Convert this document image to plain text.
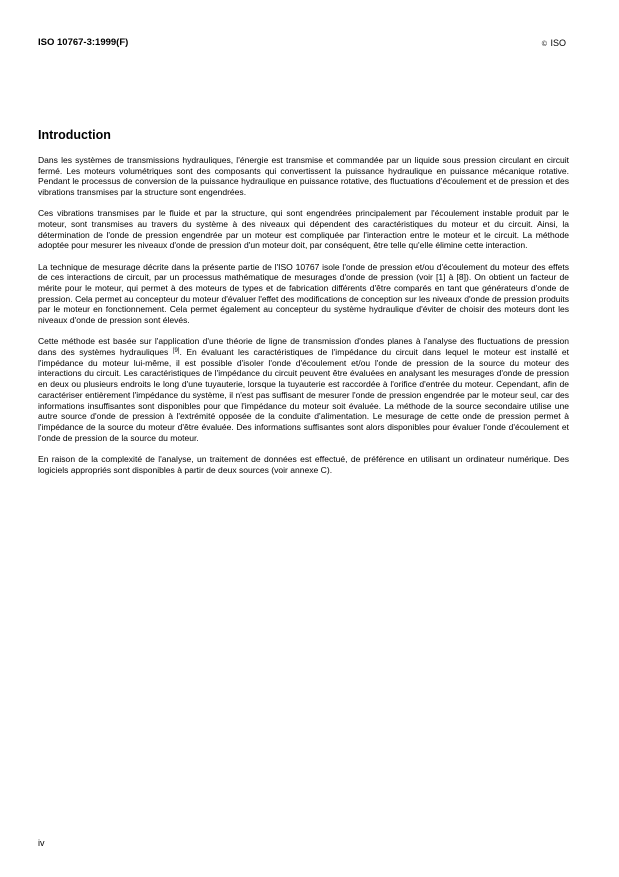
ISO 10767-3:1999(F)	© ISO
Introduction

Dans les systèmes de transmissions hydrauliques, l'énergie est transmise et commandée par un liquide sous pression circulant en circuit fermé. Les moteurs volumétriques sont des composants qui convertissent la puissance hydraulique en puissance mécanique rotative. Pendant le processus de conversion de la puissance hydraulique en puissance rotative, des fluctuations d'écoulement et de pression et des vibrations transmises par la structure sont engendrées.

Ces vibrations transmises par le fluide et par la structure, qui sont engendrées principalement par l'écoulement instable produit par le moteur, sont transmises au travers du système à des niveaux qui dépendent des caractéristiques du moteur et du circuit. Ainsi, la détermination de l'onde de pression engendrée par un moteur est compliquée par l'interaction entre le moteur et le circuit. La méthode adoptée pour mesurer les niveaux d'onde de pression d'un moteur doit, par conséquent, être telle qu'elle élimine cette interaction.

La technique de mesurage décrite dans la présente partie de l'ISO 10767 isole l'onde de pression et/ou d'écoulement du moteur des effets de ces interactions de circuit, par un processus mathématique de mesurages d'onde de pression (voir [1] à [8]). On obtient un facteur de mérite pour le moteur, qui permet à des moteurs de types et de fabrication différents d'être comparés en tant que générateurs d'onde de pression. Cela permet au concepteur du moteur d'évaluer l'effet des modifications de conception sur les niveaux d'onde de pression produits par le moteur en fonctionnement. Cela permet également au concepteur du système hydraulique d'éviter de choisir des moteurs dont les niveaux d'onde de pression sont élevés.

Cette méthode est basée sur l'application d'une théorie de ligne de transmission d'ondes planes à l'analyse des fluctuations de pression dans des systèmes hydrauliques [9]. En évaluant les caractéristiques de l'impédance du circuit dans lequel le moteur est installé et l'impédance du moteur lui-même, il est possible d'isoler l'onde d'écoulement et/ou l'onde de pression de la source du moteur des interactions du circuit. Les caractéristiques de l'impédance du circuit peuvent être évaluées en analysant les mesurages d'onde de pression en deux ou plusieurs endroits le long d'une tuyauterie, lorsque la tuyauterie est raccordée à l'orifice d'entrée du moteur. Cependant, afin de caractériser entièrement l'impédance du système, il n'est pas suffisant de mesurer l'onde de pression engendrée par le moteur seul, car des informations insuffisantes sont disponibles pour que l'impédance du moteur soit évaluée. La méthode de la source secondaire utilise une autre source d'onde de pression à l'extrémité opposée de la conduite d'alimentation. Le mesurage de cette onde de pression permet à l'impédance de la source du moteur d'être évaluée. Des informations suffisantes sont alors disponibles pour évaluer l'onde d'écoulement et l'onde de pression de la source du moteur.

En raison de la complexité de l'analyse, un traitement de données est effectué, de préférence en utilisant un ordinateur numérique. Des logiciels appropriés sont disponibles à partir de deux sources (voir annexe C).

iv
